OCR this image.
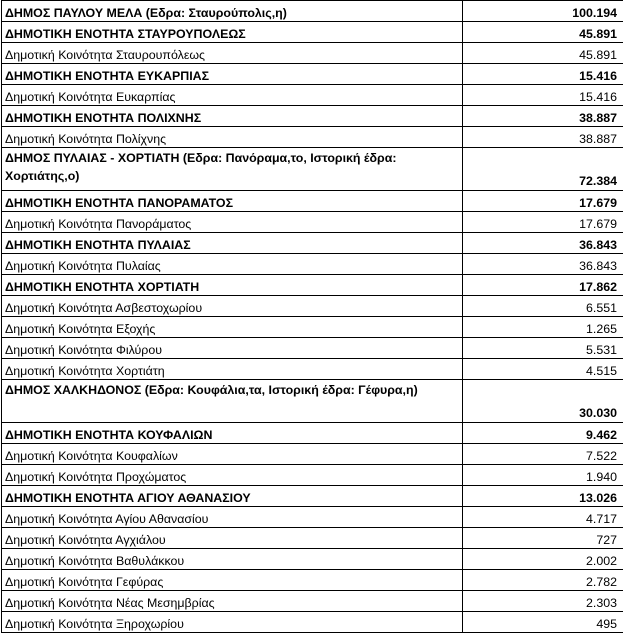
ΔΗΜΟΣ ΠΑΥΛΟΥ ΜΕΛΑ (Εδρα: Σταυρούπολις,η)	100.194
ΔΗΜΟΤΙΚΗ ΕΝΟΤΗΤΑ ΣΤΑΥΡΟΥΠΟΛΕΩΣ	45.891
Δημοτική Κοινότητα Σταυρουπόλεως	45.891
ΔΗΜΟΤΙΚΗ ΕΝΟΤΗΤΑ ΕΥΚΑΡΠΙΑΣ	15.416
Δημοτική Κοινότητα Ευκαρπίας	15.416
ΔΗΜΟΤΙΚΗ ΕΝΟΤΗΤΑ ΠΟΛΙΧΝΗΣ	38.887
Δημοτική Κοινότητα Πολίχνης	38.887
ΔΗΜΟΣ ΠΥΛΑΙΑΣ - ΧΟΡΤΙΑΤΗ (Εδρα: Πανόραμα,το, Ιστορική έδρα: Χορτιάτης,ο)	72.384
ΔΗΜΟΤΙΚΗ ΕΝΟΤΗΤΑ ΠΑΝΟΡΑΜΑΤΟΣ	17.679
Δημοτική Κοινότητα Πανοράματος	17.679
ΔΗΜΟΤΙΚΗ ΕΝΟΤΗΤΑ ΠΥΛΑΙΑΣ	36.843
Δημοτική Κοινότητα Πυλαίας	36.843
ΔΗΜΟΤΙΚΗ ΕΝΟΤΗΤΑ ΧΟΡΤΙΑΤΗ	17.862
Δημοτική Κοινότητα Ασβεστοχωρίου	6.551
Δημοτική Κοινότητα Εξοχής	1.265
Δημοτική Κοινότητα Φιλύρου	5.531
Δημοτική Κοινότητα Χορτιάτη	4.515
ΔΗΜΟΣ ΧΑΛΚΗΔΟΝΟΣ (Εδρα: Κουφάλια,τα, Ιστορική έδρα: Γέφυρα,η)	30.030
ΔΗΜΟΤΙΚΗ ΕΝΟΤΗΤΑ ΚΟΥΦΑΛΙΩΝ	9.462
Δημοτική Κοινότητα Κουφαλίων	7.522
Δημοτική Κοινότητα Προχώματος	1.940
ΔΗΜΟΤΙΚΗ ΕΝΟΤΗΤΑ ΑΓΙΟΥ ΑΘΑΝΑΣΙΟΥ	13.026
Δημοτική Κοινότητα Αγίου Αθανασίου	4.717
Δημοτική Κοινότητα Αγχιάλου	727
Δημοτική Κοινότητα Βαθυλάκκου	2.002
Δημοτική Κοινότητα Γεφύρας	2.782
Δημοτική Κοινότητα Νέας Μεσημβρίας	2.303
Δημοτική Κοινότητα Ξηροχωρίου	495
